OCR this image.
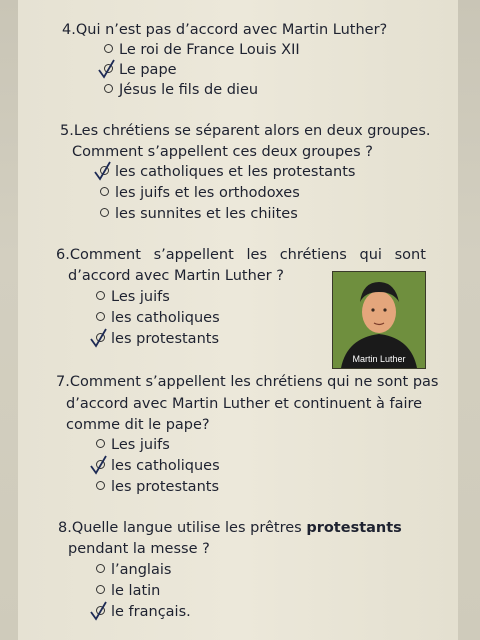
4.Qui n’est pas d’accord avec Martin Luther?
Le roi de France Louis XII
Le pape
Jésus le fils de dieu
5.Les chrétiens se séparent alors en deux groupes.
Comment s’appellent ces deux groupes ?
les catholiques et les protestants
les juifs et les orthodoxes
les sunnites et les chiites
6.Comment s’appellent les chrétiens qui sont
d’accord avec Martin Luther ?
Les juifs
les catholiques
les protestants
Martin Luther
7.Comment s’appellent les chrétiens qui ne sont pas
d’accord avec Martin Luther et continuent à faire
comme dit le pape?
Les juifs
les catholiques
les protestants
8.Quelle langue utilise les prêtres protestants
pendant la messe ?
l’anglais
le latin
le français.
